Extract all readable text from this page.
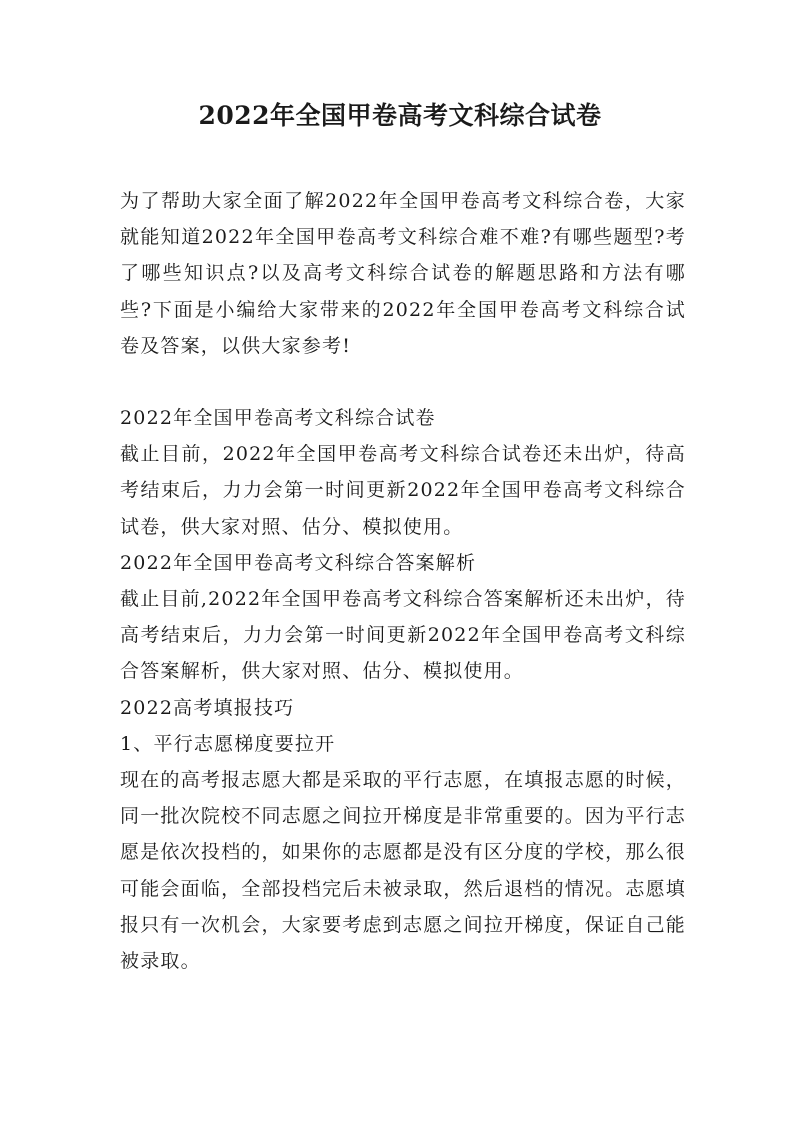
2022年全国甲卷高考文科综合试卷

为了帮助大家全面了解2022年全国甲卷高考文科综合卷，大家就能知道2022年全国甲卷高考文科综合难不难?有哪些题型?考了哪些知识点?以及高考文科综合试卷的解题思路和方法有哪些?下面是小编给大家带来的2022年全国甲卷高考文科综合试卷及答案，以供大家参考!

2022年全国甲卷高考文科综合试卷

截止目前，2022年全国甲卷高考文科综合试卷还未出炉，待高考结束后，力力会第一时间更新2022年全国甲卷高考文科综合试卷，供大家对照、估分、模拟使用。

2022年全国甲卷高考文科综合答案解析

截止目前,2022年全国甲卷高考文科综合答案解析还未出炉，待高考结束后，力力会第一时间更新2022年全国甲卷高考文科综合答案解析，供大家对照、估分、模拟使用。

2022高考填报技巧

1、平行志愿梯度要拉开

现在的高考报志愿大都是采取的平行志愿，在填报志愿的时候，同一批次院校不同志愿之间拉开梯度是非常重要的。因为平行志愿是依次投档的，如果你的志愿都是没有区分度的学校，那么很可能会面临，全部投档完后未被录取，然后退档的情况。志愿填报只有一次机会，大家要考虑到志愿之间拉开梯度，保证自己能被录取。
